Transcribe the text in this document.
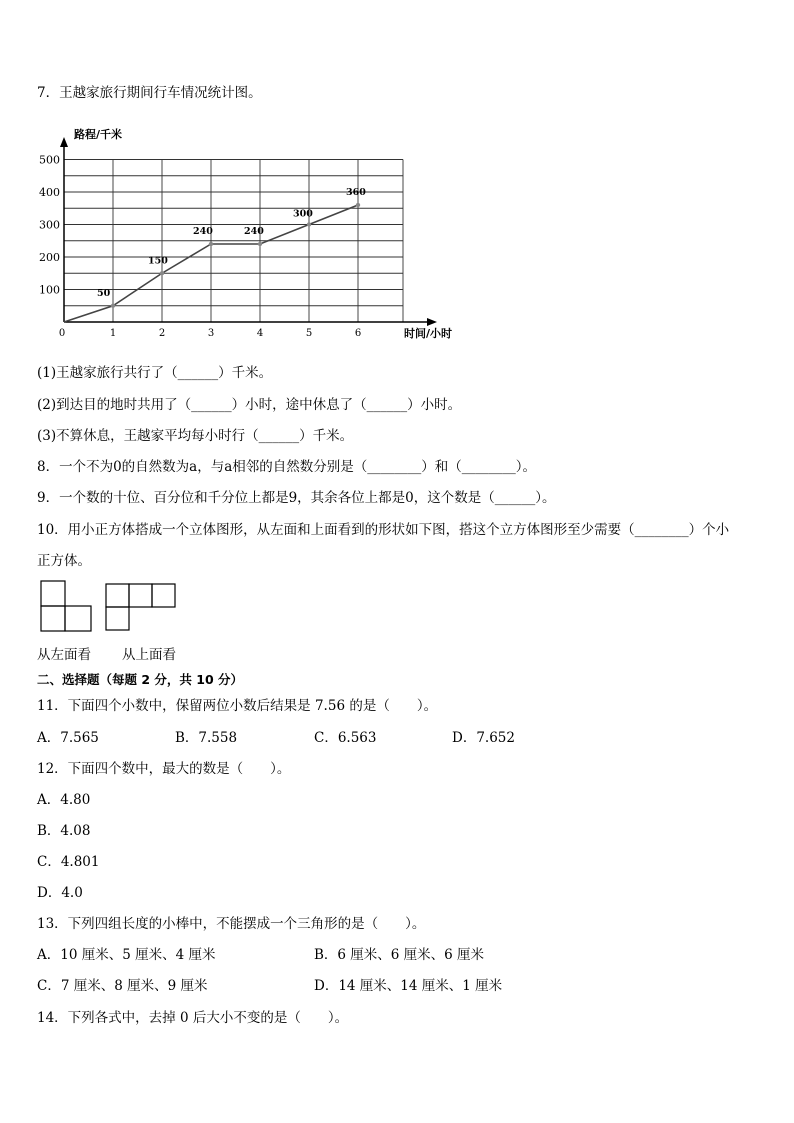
7．王越家旅行期间行车情况统计图。
0	1	2	3	4	5	6
100
200
300
400
500
50
150
240	240
300
360
路程/千米
时间/小时
(1)王越家旅行共行了（______）千米。
(2)到达目的地时共用了（______）小时，途中休息了（______）小时。
(3)不算休息，王越家平均每小时行（______）千米。
8．一个不为0的自然数为a，与a相邻的自然数分别是（________）和（________）。
9．一个数的十位、百分位和千分位上都是9，其余各位上都是0，这个数是（______）。
10．用小正方体搭成一个立体图形，从左面和上面看到的形状如下图，搭这个立方体图形至少需要（________）个小
正方体。
从左面看 从上面看
二、选择题（每题 2 分，共 10 分）
11．下面四个小数中，保留两位小数后结果是 7.56 的是（　　）。
A．7.565	B．7.558	C．6.563	D．7.652
12．下面四个数中，最大的数是（　　）。
A．4.80
B．4.08
C．4.801
D．4.0
13．下列四组长度的小棒中，不能摆成一个三角形的是（　　）。
A．10 厘米、5 厘米、4 厘米	B．6 厘米、6 厘米、6 厘米
C．7 厘米、8 厘米、9 厘米	D．14 厘米、14 厘米、1 厘米
14．下列各式中，去掉 0 后大小不变的是（　　）。
